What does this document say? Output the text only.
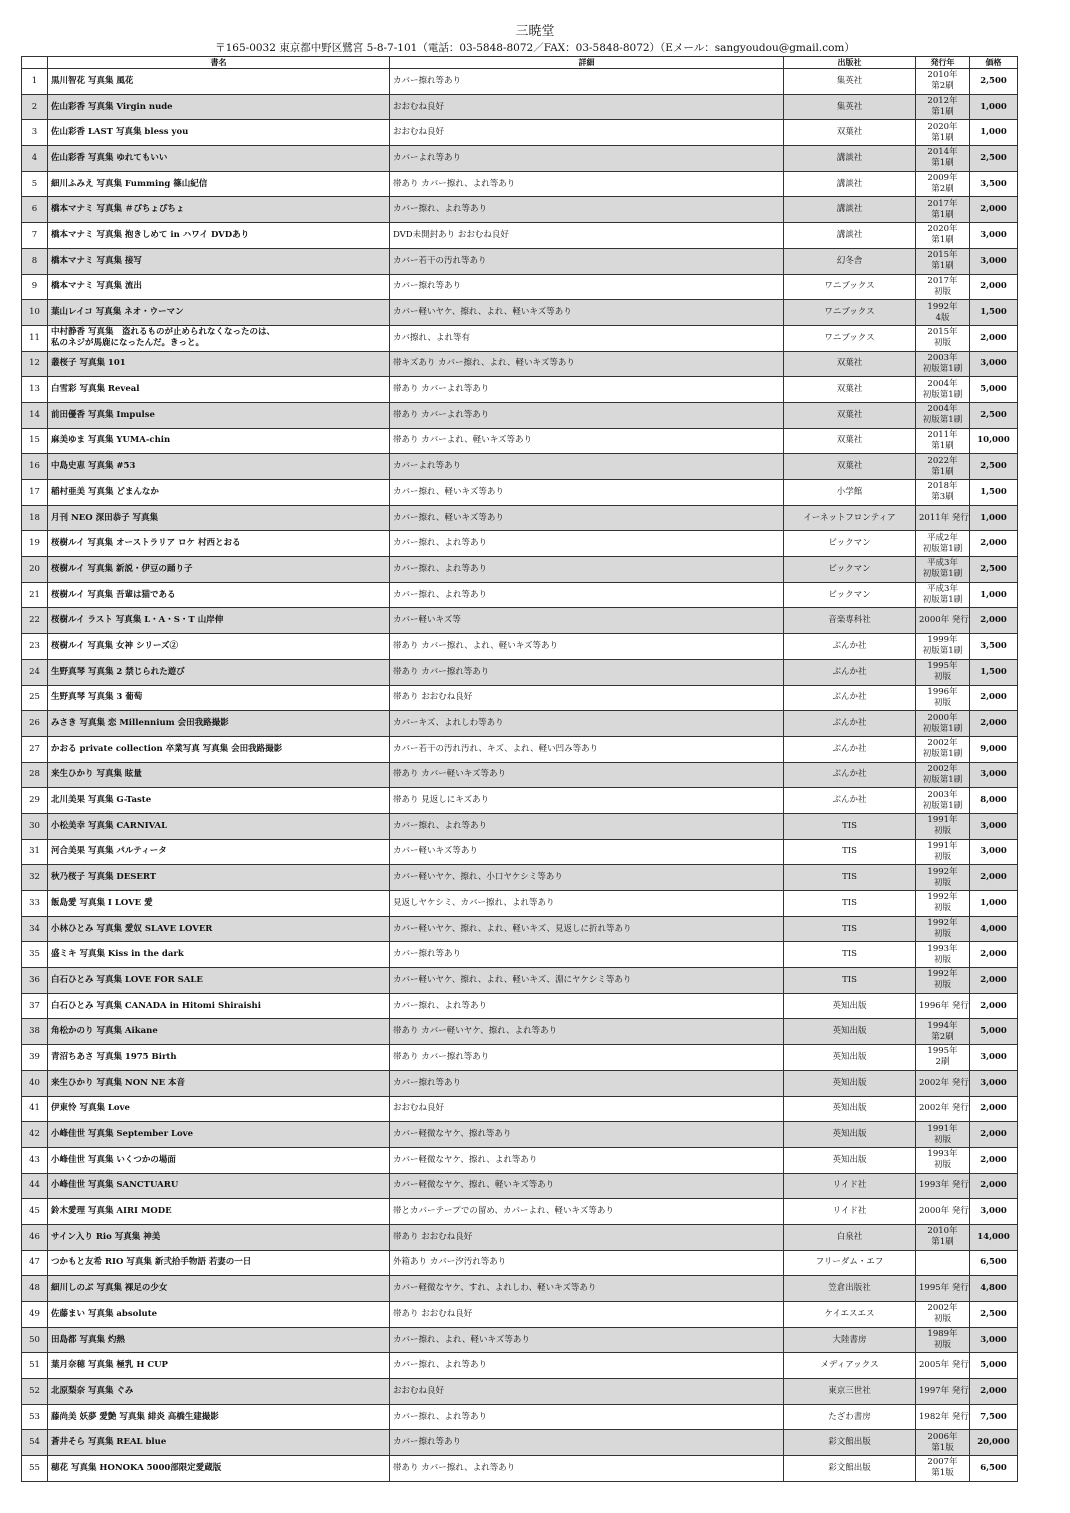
三暁堂
〒165-0032 東京都中野区鷺宮 5-8-7-101（電話：03-5848-8072／FAX：03-5848-8072）（Eメール：sangyoudou@gmail.com）
	書名	詳細	出版社	発行年	価格
1	黒川智花 写真集 風花	カバー擦れ等あり	集英社	2010年
第2刷	2,500
2	佐山彩香 写真集 Virgin nude	おおむね良好	集英社	2012年
第1刷	1,000
3	佐山彩香 LAST 写真集 bless you	おおむね良好	双葉社	2020年
第1刷	1,000
4	佐山彩香 写真集 ゆれてもいい	カバーよれ等あり	講談社	2014年
第1刷	2,500
5	細川ふみえ 写真集 Fumming 篠山紀信	帯あり カバー擦れ、よれ等あり	講談社	2009年
第2刷	3,500
6	橋本マナミ 写真集 ＃ぴちょぴちょ	カバー擦れ、よれ等あり	講談社	2017年
第1刷	2,000
7	橋本マナミ 写真集 抱きしめて in ハワイ DVDあり	DVD未開封あり おおむね良好	講談社	2020年
第1刷	3,000
8	橋本マナミ 写真集 接写	カバー若干の汚れ等あり	幻冬舎	2015年
第1刷	3,000
9	橋本マナミ 写真集 流出	カバー擦れ等あり	ワニブックス	2017年
初版	2,000
10	葉山レイコ 写真集 ネオ・ウーマン	カバー軽いヤケ、擦れ、よれ、軽いキズ等あり	ワニブックス	1992年
4版	1,500
11	中村静香 写真集　盗れるものが止められなくなったのは、
私のネジが馬鹿になったんだ。きっと。	カバ擦れ、よれ等有	ワニブックス	2015年
初版	2,000
12	叢桜子 写真集 101	帯キズあり カバー擦れ、よれ、軽いキズ等あり	双葉社	2003年
初版第1刷	3,000
13	白雪彩 写真集 Reveal	帯あり カバーよれ等あり	双葉社	2004年
初版第1刷	5,000
14	前田優香 写真集 Impulse	帯あり カバーよれ等あり	双葉社	2004年
初版第1刷	2,500
15	麻美ゆま 写真集 YUMA-chin	帯あり カバーよれ、軽いキズ等あり	双葉社	2011年
第1刷	10,000
16	中島史恵 写真集 #53	カバーよれ等あり	双葉社	2022年
第1刷	2,500
17	稲村亜美 写真集 どまんなか	カバー擦れ、軽いキズ等あり	小学館	2018年
第3刷	1,500
18	月刊 NEO 深田恭子 写真集	カバー擦れ、軽いキズ等あり	イーネットフロンティア	2011年 発行	1,000
19	桜樹ルイ 写真集 オーストラリア ロケ 村西とおる	カバー擦れ、よれ等あり	ビックマン	平成2年
初版第1刷	2,000
20	桜樹ルイ 写真集 新説・伊豆の踊り子	カバー擦れ、よれ等あり	ビックマン	平成3年
初版第1刷	2,500
21	桜樹ルイ 写真集 吾輩は猫である	カバー擦れ、よれ等あり	ビックマン	平成3年
初版第1刷	1,000
22	桜樹ルイ ラスト 写真集 L・A・S・T 山岸伸	カバー軽いキズ等	音楽専科社	2000年 発行	2,000
23	桜樹ルイ 写真集 女神 シリーズ②	帯あり カバー擦れ、よれ、軽いキズ等あり	ぶんか社	1999年
初版第1刷	3,500
24	生野真琴 写真集 2 禁じられた遊び	帯あり カバー擦れ等あり	ぶんか社	1995年
初版	1,500
25	生野真琴 写真集 3 葡萄	帯あり おおむね良好	ぶんか社	1996年
初版	2,000
26	みさき 写真集 恋 Millennium 会田我路撮影	カバーキズ、よれしわ等あり	ぶんか社	2000年
初版第1刷	2,000
27	かおる private collection 卒業写真 写真集 会田我路撮影	カバー若干の汚れ汚れ、キズ、よれ、軽い凹み等あり	ぶんか社	2002年
初版第1刷	9,000
28	来生ひかり 写真集 眩量	帯あり カバー軽いキズ等あり	ぶんか社	2002年
初版第1刷	3,000
29	北川美果 写真集 G-Taste	帯あり 見返しにキズあり	ぶんか社	2003年
初版第1刷	8,000
30	小松美幸 写真集 CARNIVAL	カバー擦れ、よれ等あり	TIS	1991年
初版	3,000
31	河合美果 写真集 パルティータ	カバー軽いキズ等あり	TIS	1991年
初版	3,000
32	秋乃桜子 写真集 DESERT	カバー軽いヤケ、擦れ、小口ヤケシミ等あり	TIS	1992年
初版	2,000
33	飯島愛 写真集 I LOVE 愛	見返しヤケシミ、カバー擦れ、よれ等あり	TIS	1992年
初版	1,000
34	小林ひとみ 写真集 愛奴 SLAVE LOVER	カバー軽いヤケ、擦れ、よれ、軽いキズ、見返しに折れ等あり	TIS	1992年
初版	4,000
35	盛ミキ 写真集 Kiss in the dark	カバー擦れ等あり	TIS	1993年
初版	2,000
36	白石ひとみ 写真集 LOVE FOR SALE	カバー軽いヤケ、擦れ、よれ、軽いキズ、淵にヤケシミ等あり	TIS	1992年
初版	2,000
37	白石ひとみ 写真集 CANADA in Hitomi Shiraishi	カバー擦れ、よれ等あり	英知出版	1996年 発行	2,000
38	角松かのり 写真集 Aikane	帯あり カバー軽いヤケ、擦れ、よれ等あり	英知出版	1994年
第2刷	5,000
39	青沼ちあさ 写真集 1975 Birth	帯あり カバー擦れ等あり	英知出版	1995年
2刷	3,000
40	来生ひかり 写真集 NON NE 本音	カバー擦れ等あり	英知出版	2002年 発行	3,000
41	伊東怜 写真集 Love	おおむね良好	英知出版	2002年 発行	2,000
42	小峰佳世 写真集 September Love	カバー軽微なヤケ、擦れ等あり	英知出版	1991年
初版	2,000
43	小峰佳世 写真集 いくつかの場面	カバー軽微なヤケ、擦れ、よれ等あり	英知出版	1993年
初版	2,000
44	小峰佳世 写真集 SANCTUARU	カバー軽微なヤケ、擦れ、軽いキズ等あり	リイド社	1993年 発行	2,000
45	鈴木愛理 写真集 AIRI MODE	帯とカバーテープでの留め、カバーよれ、軽いキズ等あり	リイド社	2000年 発行	3,000
46	サイン入り Rio 写真集 神美	帯あり おおむね良好	白泉社	2010年
第1刷	14,000
47	つかもと友希 RIO 写真集 新弐拾手物語 若妻の一日	外箱あり カバー汐汚れ等あり	フリーダム・エフ		6,500
48	細川しのぶ 写真集 裸足の少女	カバー軽微なヤケ、すれ、よれしわ、軽いキズ等あり	笠倉出版社	1995年 発行	4,800
49	佐藤まい 写真集 absolute	帯あり おおむね良好	ケイエスエス	2002年
初版	2,500
50	田島都 写真集 灼熱	カバー擦れ、よれ、軽いキズ等あり	大陸書房	1989年
初版	3,000
51	葉月奈穂 写真集 極乳 H CUP	カバー擦れ、よれ等あり	メディアックス	2005年 発行	5,000
52	北原梨奈 写真集 ぐみ	おおむね良好	東京三世社	1997年 発行	2,000
53	藤尚美 妖夢 愛艶 写真集 緋炎 高橋生建撮影	カバー擦れ、よれ等あり	たざわ書房	1982年 発行	7,500
54	蒼井そら 写真集 REAL blue	カバー擦れ等あり	彩文館出版	2006年
第1版	20,000
55	穂花 写真集 HONOKA 5000部限定愛蔵版	帯あり カバー擦れ、よれ等あり	彩文館出版	2007年
第1版	6,500
